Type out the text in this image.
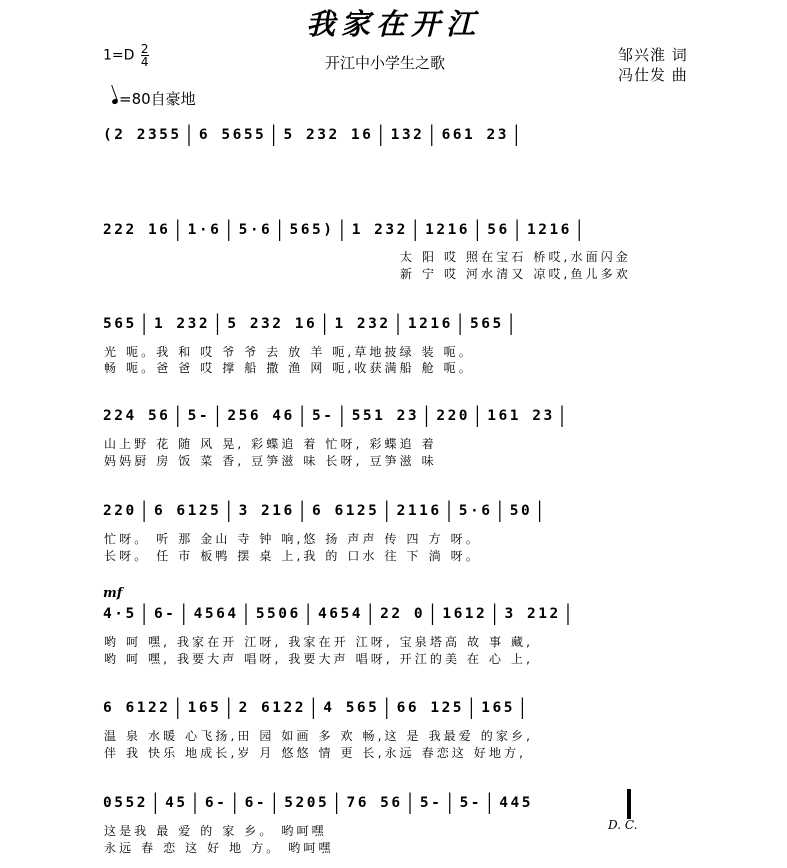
我家在开江
$1=D \frac{2}{4}$	开江中小学生之歌	邹兴淮 词
冯仕发 曲
=80自豪地
(2 2355 | 6 5655 | 5 232 16 | 132 | 661 23 |
222 16 | 1·6 | 5·6 | 565) | 1 232 | 1216 | 56 | 1216 |
太 阳 哎 照在宝石 桥哎,水面闪金
新 宁 哎 河水清又 凉哎,鱼儿多欢
565 | 1 232 | 5 232 16 | 1 232 | 1216 | 565 |
光 呃。我 和 哎 爷 爷 去 放 羊 呃,草地披绿 装 呃。
畅 呃。爸 爸 哎 撑 船 撒 渔 网 呃,收获满船 舱 呃。
224 56 | 5- | 256 46 | 5- | 551 23 | 220 | 161 23 |
山上野 花 随 风 晃, 彩蝶追 着 忙呀, 彩蝶追 着
妈妈厨 房 饭 菜 香, 豆笋滋 味 长呀, 豆笋滋 味
220 | 6 6125 | 3 216 | 6 6125 | 2116 | 5·6 | 50 |
忙呀。 听 那 金山 寺 钟 响,悠 扬 声声 传 四 方 呀。
长呀。 任 市 板鸭 摆 桌 上,我 的 口水 往 下 淌 呀。
mf
4·5 | 6- | 4564 | 5506 | 4654 | 22 0 | 1612 | 3 212 |
哟 呵 嘿, 我家在开 江呀, 我家在开 江呀, 宝泉塔高 故 事 藏,
哟 呵 嘿, 我要大声 唱呀, 我要大声 唱呀, 开江的美 在 心 上,
6 6122 | 165 | 2 6122 | 4 565 | 66 125 | 165 |
温 泉 水暖 心飞扬,田 园 如画 多 欢 畅,这 是 我最爱 的家乡,
伴 我 快乐 地成长,岁 月 悠悠 情 更 长,永远 春恋这 好地方,
0552 | 45 | 6- | 6- | 5205 | 76 56 | 5- | 5- | 445
D. C.
这是我 最 爱 的 家 乡。 哟呵嘿
永远 春 恋 这 好 地 方。 哟呵嘿
